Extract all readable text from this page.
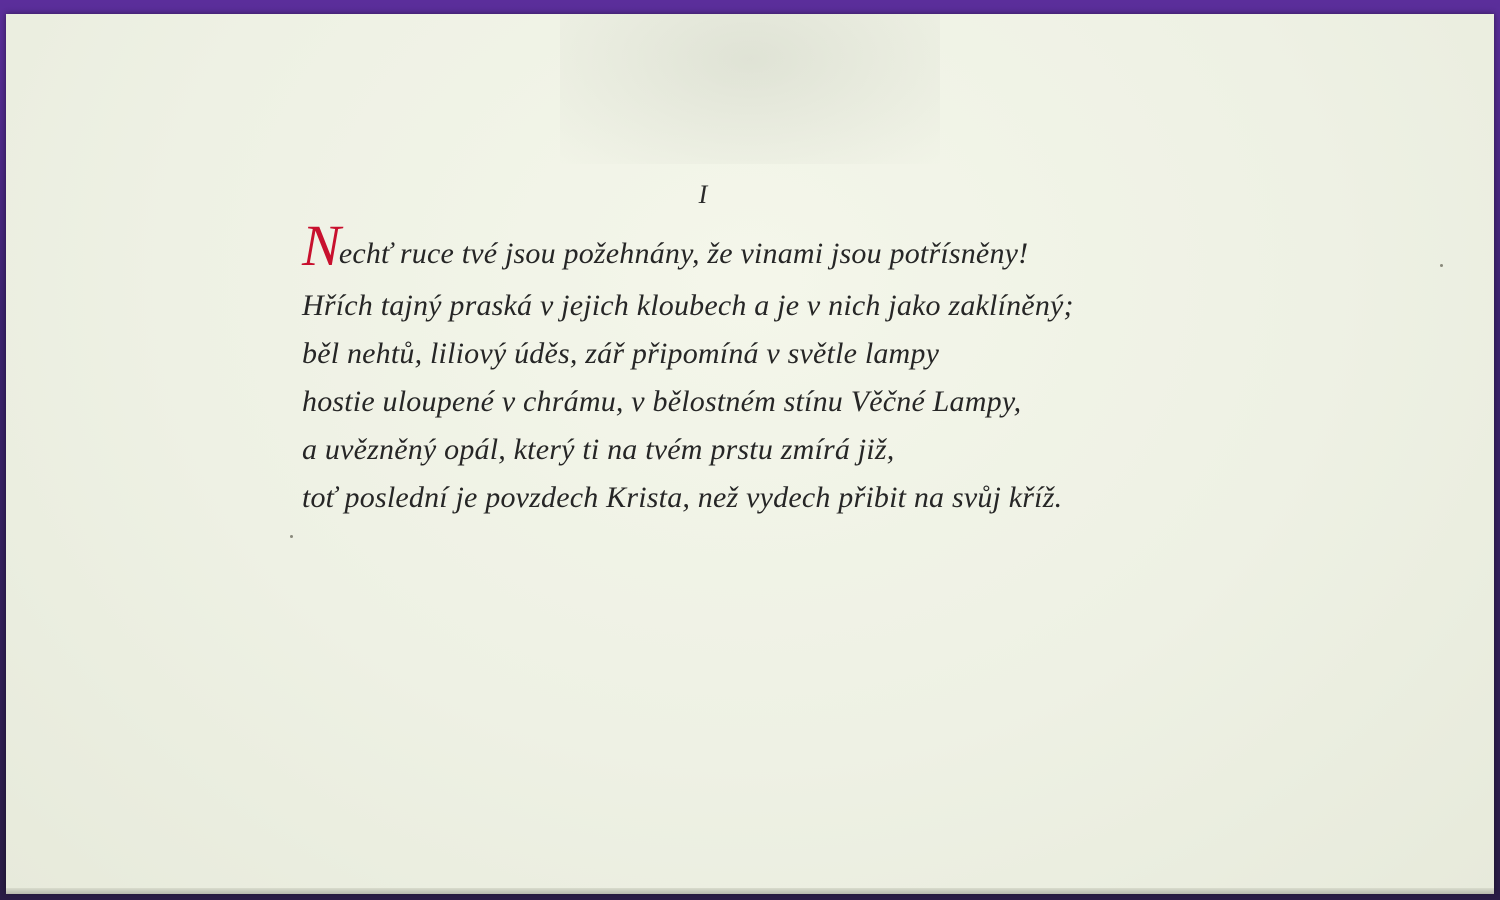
I
Nechť ruce tvé jsou požehnány, že vinami jsou potřísněny!
Hřích tajný praská v jejich kloubech a je v nich jako zaklíněný;
běl nehtů, liliový úděs, zář připomíná v světle lampy
hostie uloupené v chrámu, v bělostném stínu Věčné Lampy,
a uvězněný opál, který ti na tvém prstu zmírá již,
toť poslední je povzdech Krista, než vydech přibit na svůj kříž.
